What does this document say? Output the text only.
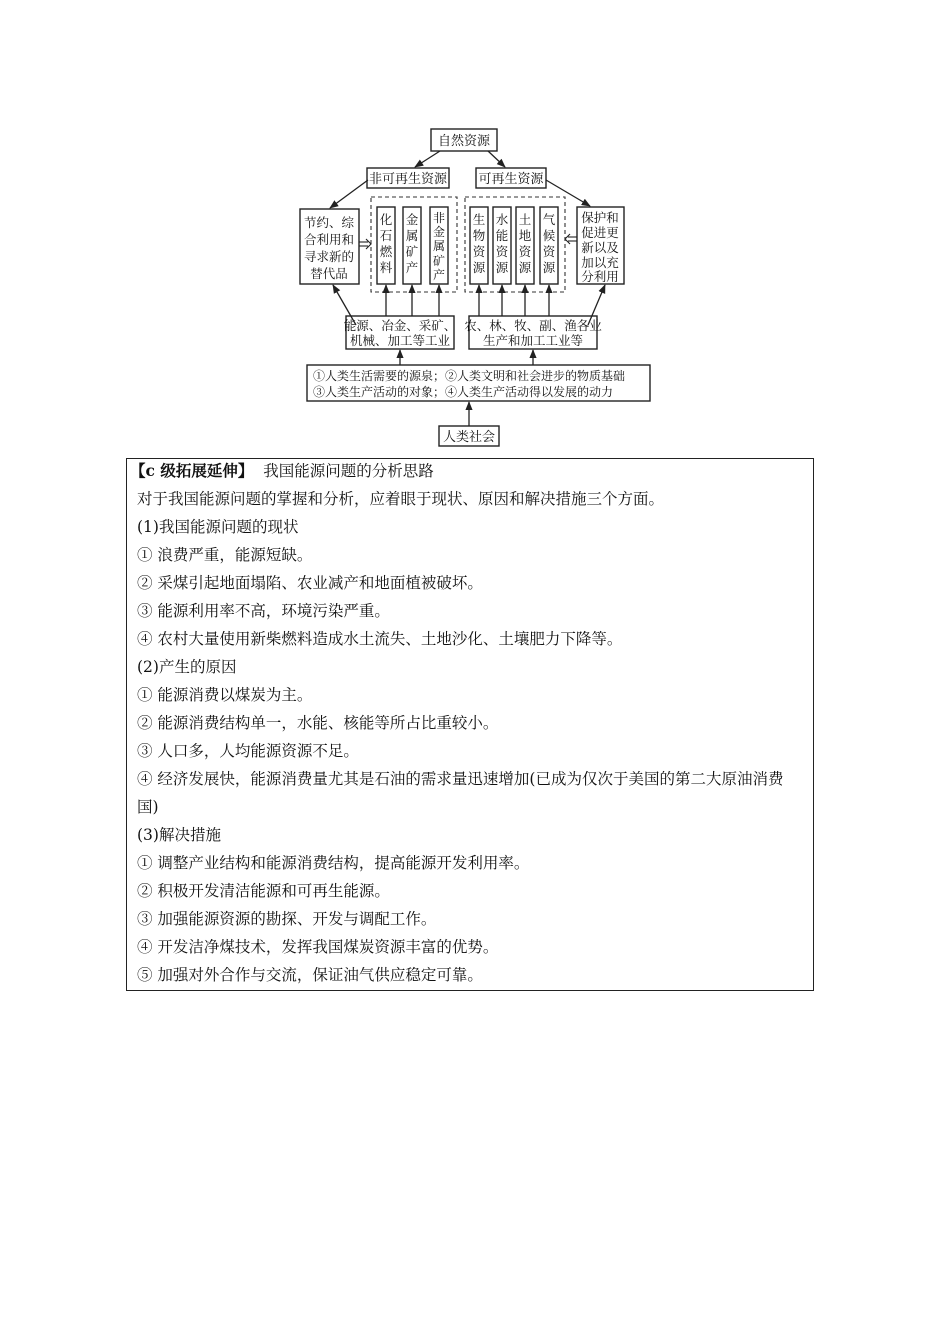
自然资源
非可再生资源 可再生资源
节约、综
合利用和
寻求新的
替代品
保护和
促进更
新以及
加以充
分利用
化
石
燃
料
金
属
矿
产
非
金
属
矿
产
生
物
资
源
水
能
资
源
土
地
资
源
气
候
资
源
能源、冶金、采矿、
机械、加工等工业
农、林、牧、副、渔各业
生产和加工工业等
①人类生活需要的源泉；②人类文明和社会进步的物质基础
③人类生产活动的对象；④人类生产活动得以发展的动力
人类社会
【c 级拓展延伸】 我国能源问题的分析思路
对于我国能源问题的掌握和分析，应着眼于现状、原因和解决措施三个方面。
(1)我国能源问题的现状
① 浪费严重，能源短缺。
② 采煤引起地面塌陷、农业减产和地面植被破坏。
③ 能源利用率不高，环境污染严重。
④ 农村大量使用新柴燃料造成水土流失、土地沙化、土壤肥力下降等。
(2)产生的原因
① 能源消费以煤炭为主。
② 能源消费结构单一，水能、核能等所占比重较小。
③ 人口多，人均能源资源不足。
④ 经济发展快，能源消费量尤其是石油的需求量迅速增加(已成为仅次于美国的第二大原油消费国)
(3)解决措施
① 调整产业结构和能源消费结构，提高能源开发利用率。
② 积极开发清洁能源和可再生能源。
③ 加强能源资源的勘探、开发与调配工作。
④ 开发洁净煤技术，发挥我国煤炭资源丰富的优势。
⑤ 加强对外合作与交流，保证油气供应稳定可靠。
